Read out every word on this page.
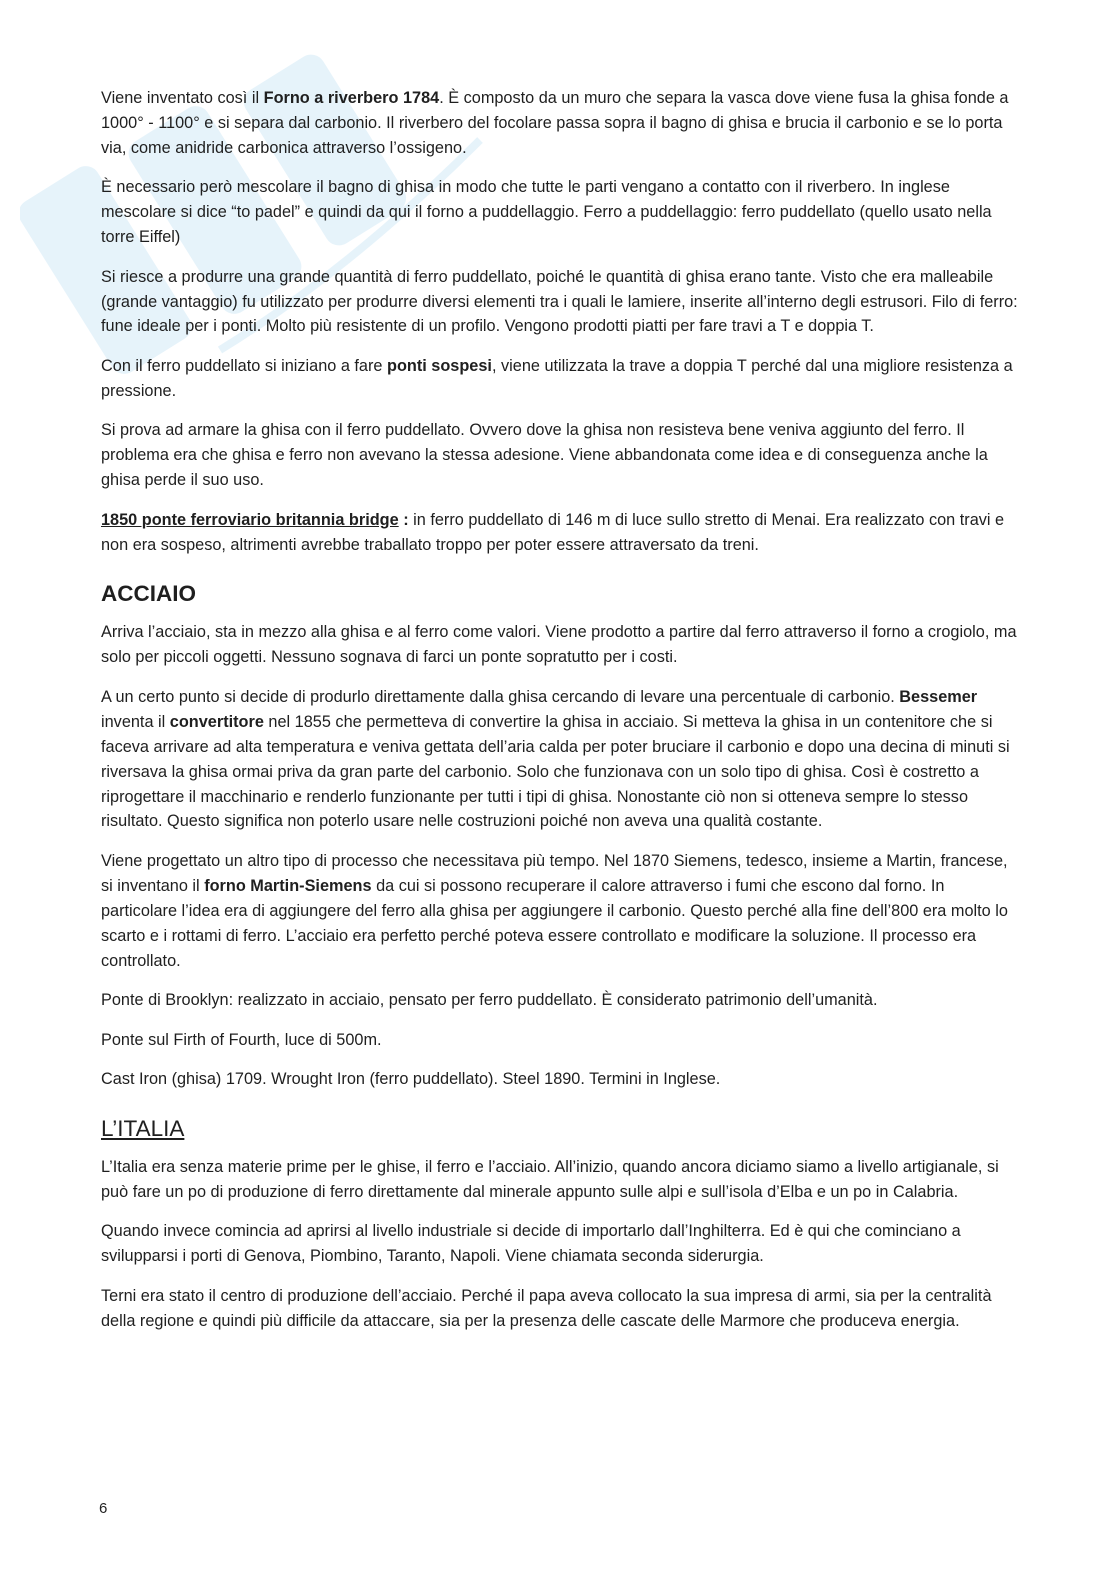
Viene inventato così il Forno a riverbero 1784. È composto da un muro che separa la vasca dove viene fusa la ghisa fonde a 1000° - 1100° e si separa dal carbonio. Il riverbero del focolare passa sopra il bagno di ghisa e brucia il carbonio e se lo porta via, come anidride carbonica attraverso l’ossigeno.

È necessario però mescolare il bagno di ghisa in modo che tutte le parti vengano a contatto con il riverbero. In inglese mescolare si dice “to padel” e quindi da qui il forno a puddellaggio. Ferro a puddellaggio: ferro puddellato (quello usato nella torre Eiffel)

Si riesce a produrre una grande quantità di ferro puddellato, poiché le quantità di ghisa erano tante. Visto che era malleabile (grande vantaggio) fu utilizzato per produrre diversi elementi tra i quali le lamiere, inserite all’interno degli estrusori. Filo di ferro: fune ideale per i ponti. Molto più resistente di un profilo. Vengono prodotti piatti per fare travi a T e doppia T.

Con il ferro puddellato si iniziano a fare ponti sospesi, viene utilizzata la trave a doppia T perché dal una migliore resistenza a pressione.

Si prova ad armare la ghisa con il ferro puddellato. Ovvero dove la ghisa non resisteva bene veniva aggiunto del ferro. Il problema era che ghisa e ferro non avevano la stessa adesione. Viene abbandonata come idea e di conseguenza anche la ghisa perde il suo uso.

1850 ponte ferroviario britannia bridge : in ferro puddellato di 146 m di luce sullo stretto di Menai. Era realizzato con travi e non era sospeso, altrimenti avrebbe traballato troppo per poter essere attraversato da treni.

ACCIAIO

Arriva l’acciaio, sta in mezzo alla ghisa e al ferro come valori. Viene prodotto a partire dal ferro attraverso il forno a crogiolo, ma solo per piccoli oggetti. Nessuno sognava di farci un ponte sopratutto per i costi.

A un certo punto si decide di produrlo direttamente dalla ghisa cercando di levare una percentuale di carbonio. Bessemer inventa il convertitore nel 1855 che permetteva di convertire la ghisa in acciaio. Si metteva la ghisa in un contenitore che si faceva arrivare ad alta temperatura e veniva gettata dell’aria calda per poter bruciare il carbonio e dopo una decina di minuti si riversava la ghisa ormai priva da gran parte del carbonio. Solo che funzionava con un solo tipo di ghisa. Così è costretto a riprogettare il macchinario e renderlo funzionante per tutti i tipi di ghisa. Nonostante ciò non si otteneva sempre lo stesso risultato. Questo significa non poterlo usare nelle costruzioni poiché non aveva una qualità costante.

Viene progettato un altro tipo di processo che necessitava più tempo. Nel 1870 Siemens, tedesco, insieme a Martin, francese, si inventano il forno Martin-Siemens da cui si possono recuperare il calore attraverso i fumi che escono dal forno. In particolare l’idea era di aggiungere del ferro alla ghisa per aggiungere il carbonio. Questo perché alla fine dell’800 era molto lo scarto e i rottami di ferro. L’acciaio era perfetto perché poteva essere controllato e modificare la soluzione. Il processo era controllato.

Ponte di Brooklyn: realizzato in acciaio, pensato per ferro puddellato. È considerato patrimonio dell’umanità.

Ponte sul Firth of Fourth, luce di 500m.

Cast Iron (ghisa) 1709. Wrought Iron (ferro puddellato). Steel 1890. Termini in Inglese.

L’ITALIA

L’Italia era senza materie prime per le ghise, il ferro e l’acciaio. All’inizio, quando ancora diciamo siamo a livello artigianale, si può fare un po di produzione di ferro direttamente dal minerale appunto sulle alpi e sull’isola d’Elba e un po in Calabria.

Quando invece comincia ad aprirsi al livello industriale si decide di importarlo dall’Inghilterra. Ed è qui che cominciano a svilupparsi i porti di Genova, Piombino, Taranto, Napoli. Viene chiamata seconda siderurgia.

Terni era stato il centro di produzione dell’acciaio. Perché il papa aveva collocato la sua impresa di armi, sia per la centralità della regione e quindi più difficile da attaccare, sia per la presenza delle cascate delle Marmore che produceva energia.

6
